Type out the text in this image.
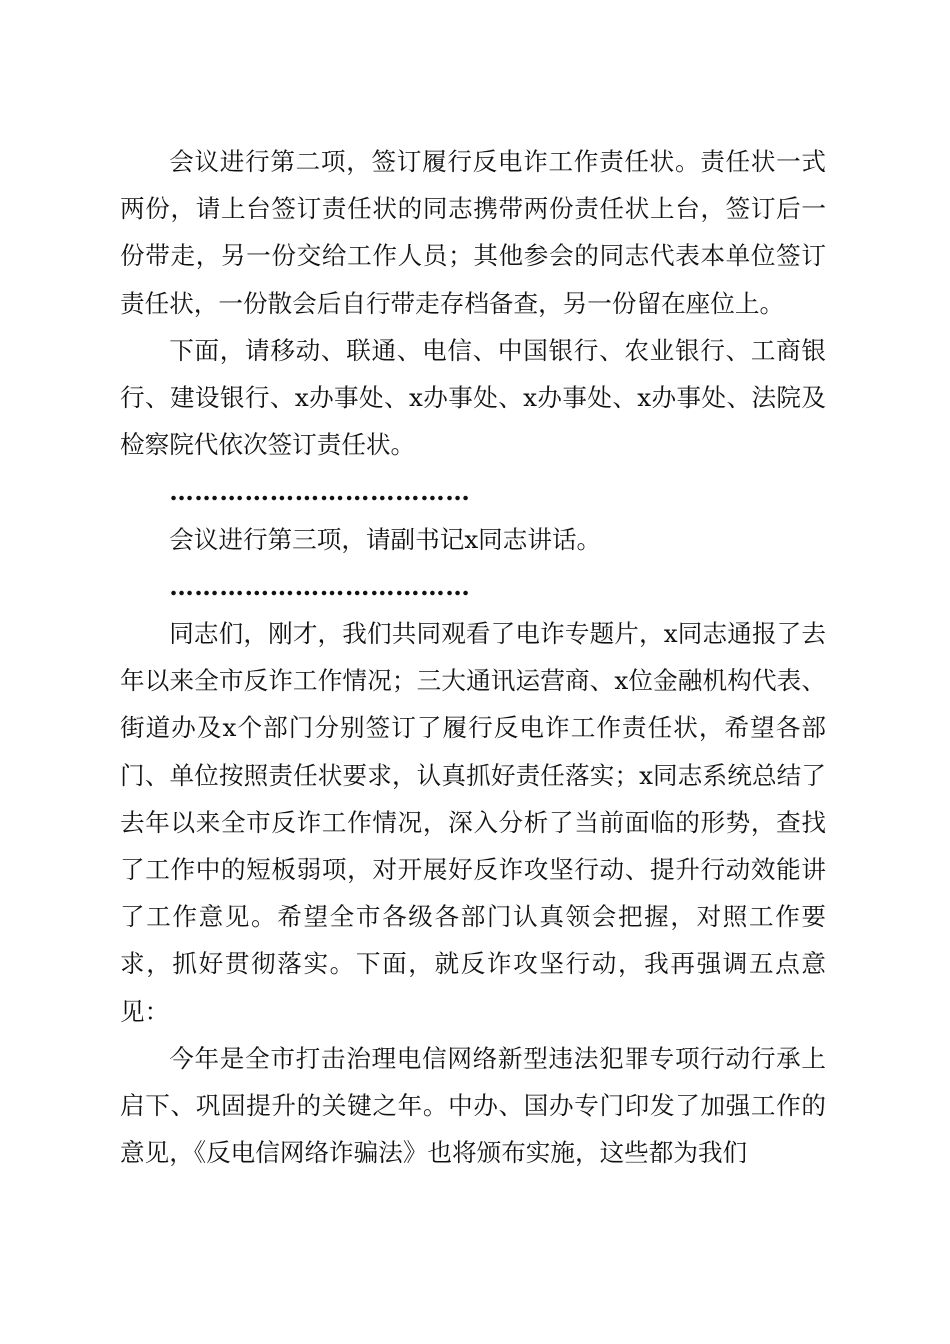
会议进行第二项，签订履行反电诈工作责任状。责任状一式两份，请上台签订责任状的同志携带两份责任状上台，签订后一份带走，另一份交给工作人员；其他参会的同志代表本单位签订责任状，一份散会后自行带走存档备查，另一份留在座位上。

下面，请移动、联通、电信、中国银行、农业银行、工商银行、建设银行、x办事处、x办事处、x办事处、x办事处、法院及检察院代依次签订责任状。

………………………………

会议进行第三项，请副书记x同志讲话。

………………………………

同志们，刚才，我们共同观看了电诈专题片，x同志通报了去年以来全市反诈工作情况；三大通讯运营商、x位金融机构代表、街道办及x个部门分别签订了履行反电诈工作责任状，希望各部门、单位按照责任状要求，认真抓好责任落实；x同志系统总结了去年以来全市反诈工作情况，深入分析了当前面临的形势，查找了工作中的短板弱项，对开展好反诈攻坚行动、提升行动效能讲了工作意见。希望全市各级各部门认真领会把握，对照工作要求，抓好贯彻落实。下面，就反诈攻坚行动，我再强调五点意见：

今年是全市打击治理电信网络新型违法犯罪专项行动行承上启下、巩固提升的关键之年。中办、国办专门印发了加强工作的意见，《反电信网络诈骗法》也将颁布实施，这些都为我们
